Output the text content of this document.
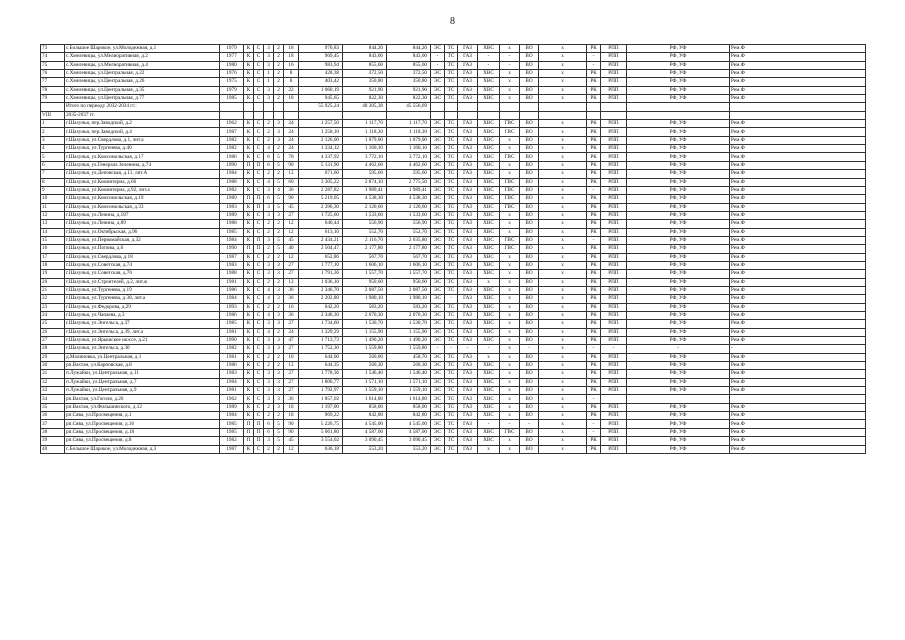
8
73	с.Большое Шарокое, ул.Молодежная, д.1	1979	К	С	3	2	18	970,83	844,20	844,20	ЭС	ТС	ГАЗ	ХВС	x	ВО	x	РК	РПП	РФ, УФ	Рем.Ф
74	с.Хмелевицы, ул.Мелиоративная, д.2	1977	К	С	3	2	18	969,45	843,00	843,00	-	ТС	ГАЗ	-	-	ВО	x	-	РПП	РФ, УФ	Рем.Ф
75	с.Хмелевицы, ул.Мелиоративная, д.4	1980	К	С	3	2	16	983,94	855,60	855,60	-	ТС	ГАЗ	-	-	ВО	x	-	РПП	РФ, УФ	Рем.Ф
76	с.Хмелевицы, ул.Центральная, д.22	1976	К	С	1	2	8	428,38	372,50	372,50	ЭС	ТС	ГАЗ	ХВС	x	ВО	x	РК	РПП	РФ, УФ	Рем.Ф
77	с.Хмелевицы, ул.Центральная, д.26	1975	К	С	1	2	8	403,42	350,80	350,80	ЭС	ТС	ГАЗ	ХВС	x	ВО	x	РК	РПП	РФ, УФ	Рем.Ф
78	с.Хмелевицы, ул.Центральная, д.35	1979	К	С	3	2	22	1 060,19	921,90	921,90	ЭС	ТС	ГАЗ	ХВС	x	ВО	x	РК	РПП	РФ, УФ	Рем.Ф
79	с.Хмелевицы, ул.Центральная, д.77	1985	К	С	3	2	18	945,65	822,30	822,30	ЭС	ТС	ГАЗ	ХВС	x	ВО	x	РК	РПП	РФ, УФ	Рем.Ф
	Итого по периоду 2032-2034 гг.:							55 925,24	48 305,38	45 556,69											
VIII	2035-2037 гг.																				
1	г.Шахунья, пер.Заводской, д.2	1962	К	С	2	3	24	1 257,50	1 117,70	1 117,70	ЭС	ТС	ГАЗ	ХВС	ГВС	ВО	x	РК	РПП	РФ, УФ	Рем.Ф
2	г.Шахунья, пер.Заводской, д.4	1987	К	С	2	3	24	1 258,10	1 118,30	1 118,30	ЭС	ТС	ГАЗ	ХВС	ГВС	ВО	x	РК	РПП	РФ, УФ	Рем.Ф
3	г.Шахунья, ул.Свердлова, д.1, лит.а	1982	К	С	2	3	24	2 126,00	1 079,00	1 079,00	ЭС	ТС	ГАЗ	ХВС	x	ВО	x	РК	РПП	РФ, УФ	Рем.Ф
4	г.Шахунья, ул.Тургенева, д.40	1982	К	С	4	2	24	1 334,12	1 160,10	1 160,10	ЭС	ТС	ГАЗ	ХВС	x	ВО	x	РК	РПП	РФ, УФ	Рем.Ф
5	г.Шахунья, ул.Комсомольская, д.17	1986	К	С	6	5	78	4 337,92	3 772,10	3 772,10	ЭС	ТС	ГАЗ	ХВС	ГВС	ВО	x	РК	РПП	РФ, УФ	Рем.Ф
6	г.Шахунья, ул.Генерала Зеленина, д.74	1990	П	П	6	5	90	5 131,90	4 462,60	4 462,60	ЭС	ТС	ГАЗ	ХВС	x	ВО	x	РК	РПП	РФ, УФ	Рем.Ф
7	г.Шахунья, ул.Деповская, д.11, лит.А	1984	К	С	2	2	12	671,60	595,60	595,60	ЭС	ТС	ГАЗ	ХВС	x	ВО	x	РК	РПП	РФ, УФ	Рем.Ф
8	г.Шахунья, ул.Коминтерна, д.66	1988	К	С	4	5	60	3 305,22	2 874,10	2 775,50	ЭС	ТС	ГАЗ	ХВС	ГВС	ВО	x	РК	РПП	РФ, УФ	Рем.Ф
9	г.Шахунья, ул.Коминтерна, д.92, лит.а	1982	К	С	3	4	36	2 287,82	1 989,41	1 989,41	ЭС	ТС	ГАЗ	ХВС	ГВС	ВО	x	-	РПП	РФ, УФ	Рем.Ф
10	г.Шахунья, ул.Комсомольская, д.19	1989	П	П	6	5	90	5 219,05	4 538,30	4 538,30	ЭС	ТС	ГАЗ	ХВС	ГВС	ВО	x	РК	РПП	РФ, УФ	Рем.Ф
11	г.Шахунья, ул.Комсомольская, д.33	1983	К	П	3	5	45	2 396,30	2 120,60	2 120,60	ЭС	ТС	ГАЗ	ХВС	ГВС	ВО	x	РК	РПП	РФ, УФ	Рем.Ф
12	г.Шахунья, ул.Ленина, д.187	1989	К	С	3	3	27	1 725,60	1 533,60	1 533,60	ЭС	ТС	ГАЗ	ХВС	x	ВО	x	РК	РПП	РФ, УФ	Рем.Ф
13	г.Шахунья, ул.Ленина, д.89	1988	К	С	2	2	12	640,44	556,90	556,90	ЭС	ТС	ГАЗ	ХВС	x	ВО	x	РК	РПП	РФ, УФ	Рем.Ф
14	г.Шахунья, ул.Октябрьская, д.96	1985	К	С	2	2	12	613,10	552,70	552,70	ЭС	ТС	ГАЗ	ХВС	x	ВО	x	РК	РПП	РФ, УФ	Рем.Ф
15	г.Шахунья, ул.Первомайская, д.32	1984	К	П	3	5	45	2 434,21	2 116,70	2 035,80	ЭС	ТС	ГАЗ	ХВС	ГВС	ВО	x	-	РПП	РФ, УФ	Рем.Ф
16	г.Шахунья, ул.Попова, д.6	1990	П	П	2	5	40	2 504,47	2 177,80	2 177,80	ЭС	ТС	ГАЗ	ХВС	ГВС	ВО	x	РК	РПП	РФ, УФ	Рем.Ф
17	г.Шахунья, ул.Свердлова, д.18	1987	К	С	2	2	12	652,86	567,70	567,70	ЭС	ТС	ГАЗ	ХВС	x	ВО	x	РК	РПП	РФ, УФ	Рем.Ф
18	г.Шахунья, ул.Советская, д.74	1983	К	С	3	3	27	1 777,10	1 606,10	1 606,10	ЭС	ТС	ГАЗ	ХВС	x	ВО	x	РК	РПП	РФ, УФ	Рем.Ф
19	г.Шахунья, ул.Советская, д.76	1988	К	С	3	3	27	1 791,36	1 557,70	1 557,70	ЭС	ТС	ГАЗ	ХВС	x	ВО	x	РК	РПП	РФ, УФ	Рем.Ф
20	г.Шахунья, ул.Строителей, д.2, лит.ж	1981	К	С	2	2	12	1 036,10	950,60	950,60	ЭС	ТС	ГАЗ	x	x	ВО	x	РК	РПП	РФ, УФ	Рем.Ф
21	г.Шахунья, ул.Тургенева, д.19	1986	К	С	4	3	36	2 346,70	2 087,50	2 087,50	ЭС	ТС	ГАЗ	ХВС	x	ВО	x	РК	РПП	РФ, УФ	Рем.Ф
22	г.Шахунья, ул.Тургенева, д.38, лит.а	1984	К	С	4	3	36	2 202,80	1 980,10	1 980,10	ЭС	-	ГАЗ	ХВС	x	ВО	x	РК	РПП	РФ, УФ	Рем.Ф
23	г.Шахунья, ул.Федорова, д.29	1993	К	С	2	2	16	642,20	583,20	583,20	ЭС	ТС	ГАЗ	ХВС	x	ВО	x	РК	РПП	РФ, УФ	Рем.Ф
24	г.Шахунья, ул.Чапаева, д.3	1986	К	С	4	3	36	2 340,30	2 070,30	2 070,30	ЭС	ТС	ГАЗ	ХВС	x	ВО	x	РК	РПП	РФ, УФ	Рем.Ф
25	г.Шахунья, ул.Энгельса, д.37	1985	К	С	3	3	27	1 734,60	1 530,70	1 530,70	ЭС	ТС	ГАЗ	ХВС	x	ВО	x	РК	РПП	РФ, УФ	Рем.Ф
26	г.Шахунья, ул.Энгельса, д.39, лит.а	1981	К	С	4	2	24	1 329,29	1 155,90	1 155,90	ЭС	ТС	ГАЗ	ХВС	x	ВО	x	РК	РПП	РФ, УФ	Рем.Ф
27	г.Шахунья, ул.Ярышское шоссе, д.21	1990	К	С	3	3	47	1 713,73	1 490,20	1 490,20	ЭС	ТС	ГАЗ	ХВС	x	ВО	x	РК	РПП	РФ, УФ	Рем.Ф
28	г.Шахунья, ул.Энгельса, д.30	1982	К	С	3	3	27	1 752,30	1 559,80	1 559,80	-	-	-	-	x	-	x	-	-	-	-
29	д.Малиновка, ул.Центральная, д.1	1981	К	С	2	2	10	644,00	560,00	458,70	ЭС	ТС	ГАЗ	x	x	ВО	x	РК	РПП	РФ, УФ	Рем.Ф
30	рп.Вахтан, ул.Карповская, д.8	1986	К	С	2	2	12	644,35	560,30	560,30	ЭС	ТС	ГАЗ	ХВС	x	ВО	x	РК	РПП	РФ, УФ	Рем.Ф
31	п.Лужайки, ул.Центральная, д.11	1983	К	С	3	3	27	1 778,36	1 546,40	1 546,40	ЭС	ТС	ГАЗ	ХВС	x	ВО	x	РК	РПП	РФ, УФ	Рем.Ф
32	п.Лужайки, ул.Центральная, д.7	1984	К	С	3	3	27	1 806,77	1 571,10	1 571,10	ЭС	ТС	ГАЗ	ХВС	x	ВО	x	РК	РПП	РФ, УФ	Рем.Ф
33	п.Лужайки, ул.Центральная, д.9	1981	К	С	3	3	27	1 792,97	1 559,10	1 559,10	ЭС	ТС	ГАЗ	ХВС	x	ВО	x	РК	РПП	РФ, УФ	Рем.Ф
34	рп.Вахтан, ул.Гоголя, д.26	1962	К	С	3	3	36	1 857,02	1 614,80	1 614,80	ЭС	ТС	ГАЗ	ХВС	x	ВО	x	-			
35	рп.Вахтан, ул.Фильшинского, д.12	1989	К	С	2	3	18	1 197,00	858,00	858,00	ЭС	ТС	ГАЗ	ХВС	x	ВО	x	РК	РПП	РФ, УФ	Рем.Ф
36	рп.Сява, ул.Просвещения, д.1	1984	К	С	2	2	18	969,22	842,80	842,80	ЭС	ТС	ГАЗ	ХВС	x	ВО	x	РК	РПП	РФ, УФ	Рем.Ф
37	рп.Сява, ул.Просвещения, д.16	1985	П	П	6	5	90	5 226,75	4 545,00	4 545,00	ЭС	ТС	ГАЗ	-	-	-	x	-	РПП	РФ, УФ	Рем.Ф
38	рп.Сява, ул.Просвещения, д.18	1985	П	П	6	5	90	5 061,80	4 587,00	4 587,00	ЭС	ТС	ГАЗ	ХВС	ГВС	ВО	x	-	РПП	РФ, УФ	Рем.Ф
39	рп.Сява, ул.Просвещения, д.8	1982	П	П	3	5	45	3 554,02	3 090,45	3 090,45	ЭС	ТС	ГАЗ	ХВС	x	ВО	x	РК	РПП	РФ, УФ	Рем.Ф
40	с.Большое Шарокое, ул.Молодежная, д.3	1987	К	С	2	2	12	636,18	553,20	553,20	ЭС	ТС	ГАЗ	x	x	ВО	x	РК	РПП	РФ, УФ	Рем.Ф
